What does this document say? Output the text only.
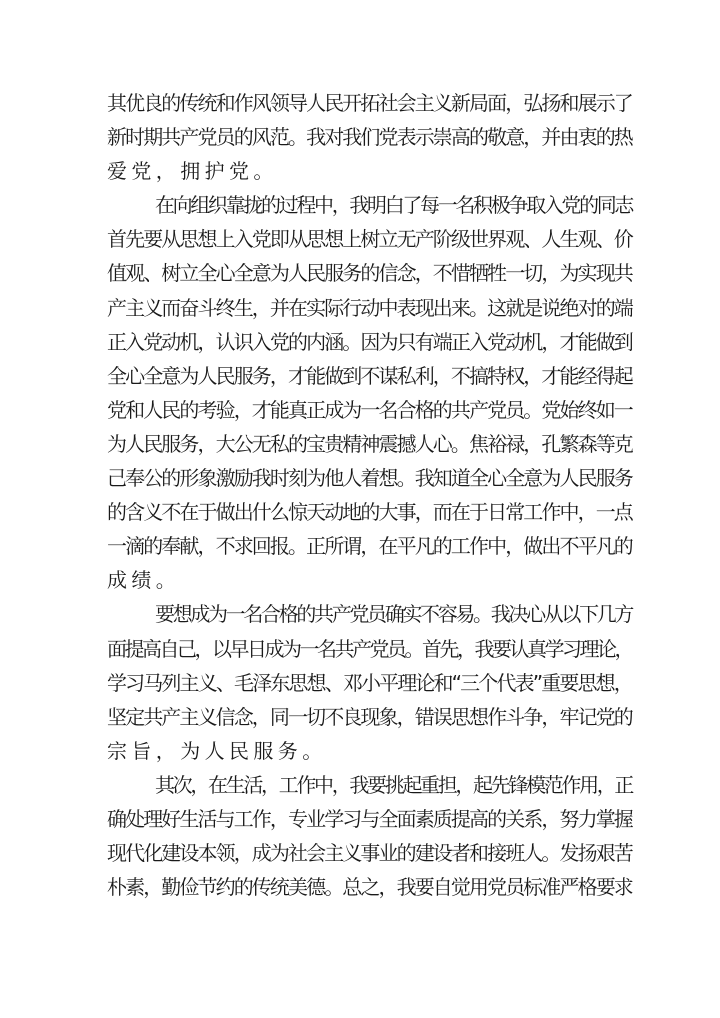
其优良的传统和作风领导人民开拓社会主义新局面，弘扬和展示了
新时期共产党员的风范。我对我们党表示崇高的敬意，并由衷的热
爱党，拥护党。
在向组织靠拢的过程中，我明白了每一名积极争取入党的同志
首先要从思想上入党即从思想上树立无产阶级世界观、人生观、价
值观、树立全心全意为人民服务的信念，不惜牺牲一切，为实现共
产主义而奋斗终生，并在实际行动中表现出来。这就是说绝对的端
正入党动机，认识入党的内涵。因为只有端正入党动机，才能做到
全心全意为人民服务，才能做到不谋私利，不搞特权，才能经得起
党和人民的考验，才能真正成为一名合格的共产党员。党始终如一
为人民服务，大公无私的宝贵精神震撼人心。焦裕禄，孔繁森等克
己奉公的形象激励我时刻为他人着想。我知道全心全意为人民服务
的含义不在于做出什么惊天动地的大事，而在于日常工作中，一点
一滴的奉献，不求回报。正所谓，在平凡的工作中，做出不平凡的
成绩。
要想成为一名合格的共产党员确实不容易。我决心从以下几方
面提高自己，以早日成为一名共产党员。首先，我要认真学习理论，
学习马列主义、毛泽东思想、邓小平理论和“三个代表”重要思想，
坚定共产主义信念，同一切不良现象，错误思想作斗争，牢记党的
宗旨，为人民服务。
其次，在生活，工作中，我要挑起重担，起先锋模范作用，正
确处理好生活与工作，专业学习与全面素质提高的关系，努力掌握
现代化建设本领，成为社会主义事业的建设者和接班人。发扬艰苦
朴素，勤俭节约的传统美德。总之，我要自觉用党员标准严格要求
